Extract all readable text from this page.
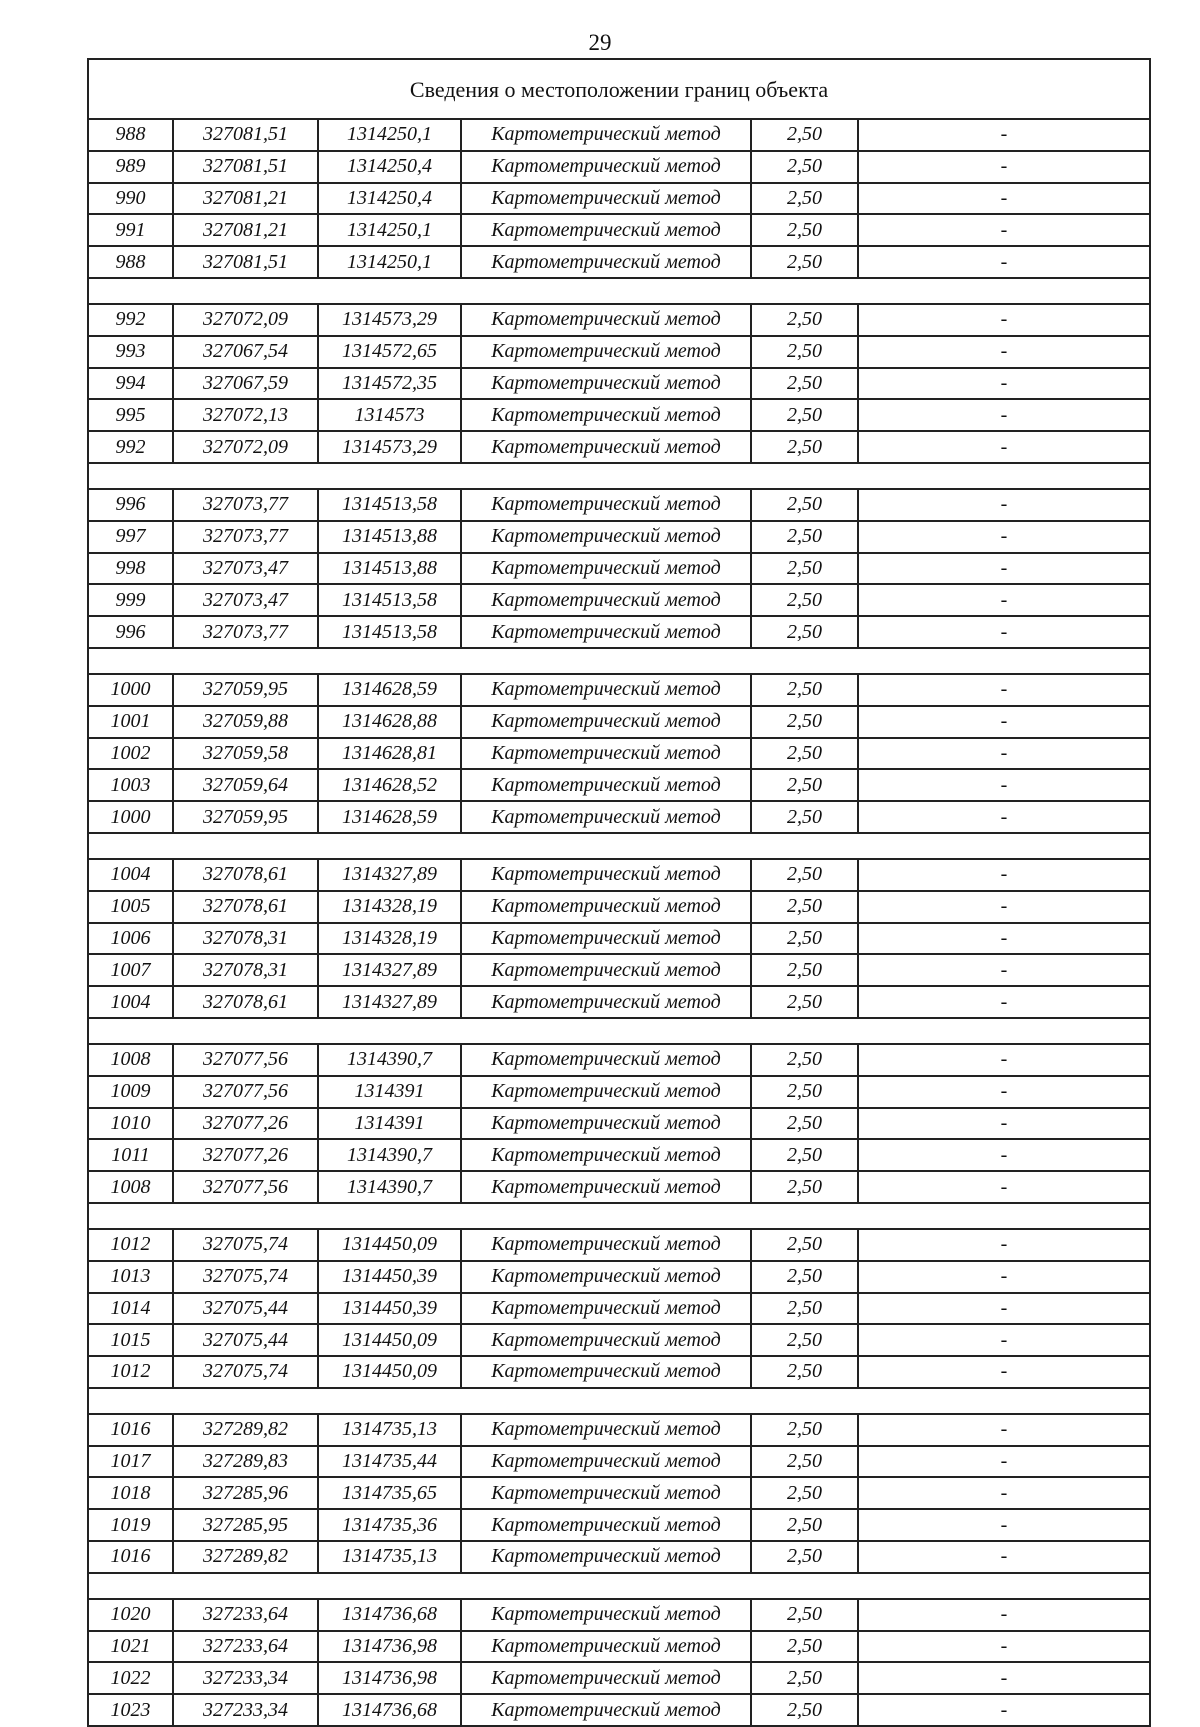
29
Сведения о местоположении границ объекта					
988	327081,51	1314250,1	Картометрический метод	2,50	-
989	327081,51	1314250,4	Картометрический метод	2,50	-
990	327081,21	1314250,4	Картометрический метод	2,50	-
991	327081,21	1314250,1	Картометрический метод	2,50	-
988	327081,51	1314250,1	Картометрический метод	2,50	-

992	327072,09	1314573,29	Картометрический метод	2,50	-
993	327067,54	1314572,65	Картометрический метод	2,50	-
994	327067,59	1314572,35	Картометрический метод	2,50	-
995	327072,13	1314573	Картометрический метод	2,50	-
992	327072,09	1314573,29	Картометрический метод	2,50	-

996	327073,77	1314513,58	Картометрический метод	2,50	-
997	327073,77	1314513,88	Картометрический метод	2,50	-
998	327073,47	1314513,88	Картометрический метод	2,50	-
999	327073,47	1314513,58	Картометрический метод	2,50	-
996	327073,77	1314513,58	Картометрический метод	2,50	-

1000	327059,95	1314628,59	Картометрический метод	2,50	-
1001	327059,88	1314628,88	Картометрический метод	2,50	-
1002	327059,58	1314628,81	Картометрический метод	2,50	-
1003	327059,64	1314628,52	Картометрический метод	2,50	-
1000	327059,95	1314628,59	Картометрический метод	2,50	-

1004	327078,61	1314327,89	Картометрический метод	2,50	-
1005	327078,61	1314328,19	Картометрический метод	2,50	-
1006	327078,31	1314328,19	Картометрический метод	2,50	-
1007	327078,31	1314327,89	Картометрический метод	2,50	-
1004	327078,61	1314327,89	Картометрический метод	2,50	-

1008	327077,56	1314390,7	Картометрический метод	2,50	-
1009	327077,56	1314391	Картометрический метод	2,50	-
1010	327077,26	1314391	Картометрический метод	2,50	-
1011	327077,26	1314390,7	Картометрический метод	2,50	-
1008	327077,56	1314390,7	Картометрический метод	2,50	-

1012	327075,74	1314450,09	Картометрический метод	2,50	-
1013	327075,74	1314450,39	Картометрический метод	2,50	-
1014	327075,44	1314450,39	Картометрический метод	2,50	-
1015	327075,44	1314450,09	Картометрический метод	2,50	-
1012	327075,74	1314450,09	Картометрический метод	2,50	-

1016	327289,82	1314735,13	Картометрический метод	2,50	-
1017	327289,83	1314735,44	Картометрический метод	2,50	-
1018	327285,96	1314735,65	Картометрический метод	2,50	-
1019	327285,95	1314735,36	Картометрический метод	2,50	-
1016	327289,82	1314735,13	Картометрический метод	2,50	-

1020	327233,64	1314736,68	Картометрический метод	2,50	-
1021	327233,64	1314736,98	Картометрический метод	2,50	-
1022	327233,34	1314736,98	Картометрический метод	2,50	-
1023	327233,34	1314736,68	Картометрический метод	2,50	-
